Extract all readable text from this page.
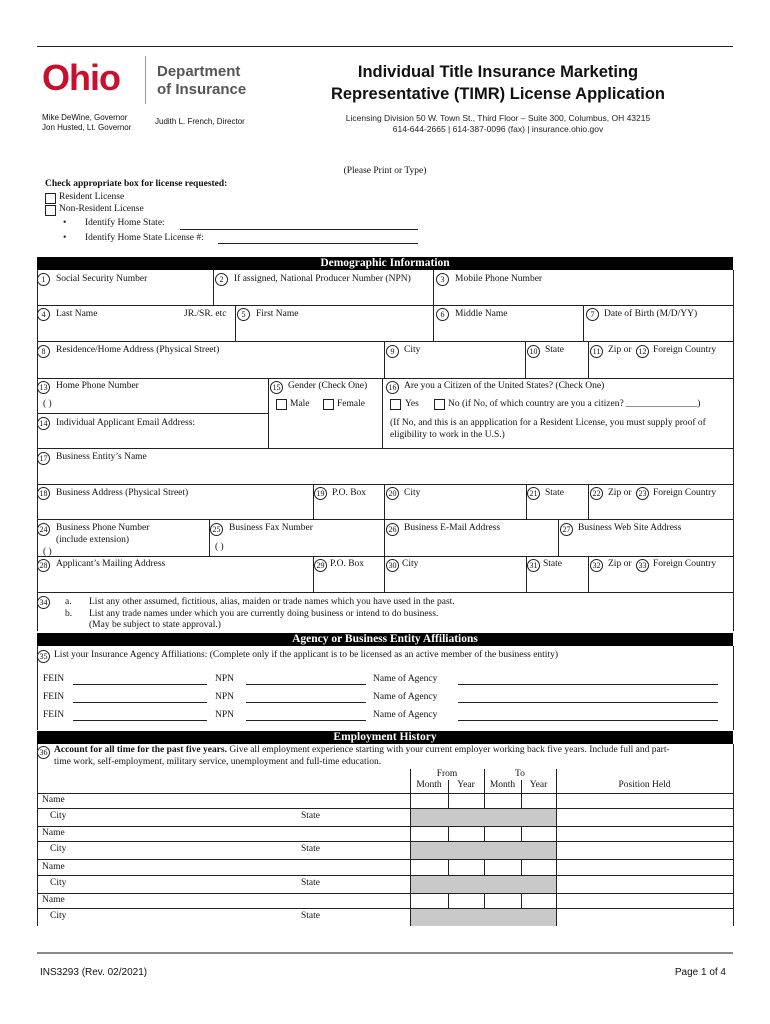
Ohio Department
of Insurance
Mike DeWine, Governor
Jon Husted, Lt. Governor
Judith L. French, Director
Individual Title Insurance Marketing
Representative (TIMR) License Application
Licensing Division 50 W. Town St., Third Floor – Suite 300, Columbus, OH 43215
614-644-2665 | 614-387-0096 (fax) | insurance.ohio.gov
(Please Print or Type)
Check appropriate box for license requested:
Resident License
Non-Resident License
• Identify Home State:
• Identify Home State License #:
Demographic Information
1	Social Security Number	2	If assigned, National Producer Number (NPN)	3	Mobile Phone Number
4	Last Name	JR./SR. etc	5	First Name	6	Middle Name	7	Date of Birth (M/D/YY)
8	Residence/Home Address (Physical Street)	9	City	10 State	11 Zip or 12 Foreign Country
13 Home Phone Number
( )
14 Individual Applicant Email Address:
15 Gender (Check One)
Male	Female
16 Are you a Citizen of the United States? (Check One)
Yes	No (if No, of which country are you a citizen? _______________)
(If No, and this is an appplication for a Resident License, you must supply proof of
eligibility to work in the U.S.)
17 Business Entity’s Name
18 Business Address (Physical Street)	19 P.O. Box	20 City	21 State	22 Zip or 23 Foreign Country
24 Business Phone Number
(include extension)
( )
25 Business Fax Number
( )
26 Business E-Mail Address	27 Business Web Site Address
28 Applicant’s Mailing Address	29 P.O. Box	30 City	31 State	32 Zip or 33 Foreign Country
34 a. List any other assumed, fictitious, alias, maiden or trade names which you have used in the past.
b. List any trade names under which you are currently doing business or intend to do business.
(May be subject to state approval.)
Agency or Business Entity Affiliations
35 List your Insurance Agency Affiliations: (Complete only if the applicant is to be licensed as an active member of the business entity)
FEIN	NPN	Name of Agency
FEIN	NPN	Name of Agency
FEIN	NPN	Name of Agency
Employment History
36 Account for all time for the past five years. Give all employment experience starting with your current employer working back five years. Include full and part-
time work, self-employment, military service, unemployment and full-time education.
From	To
Month	Year	Month	Year	Position Held
Name
City	State
Name
City	State
Name
City	State
Name
City	State
INS3293 (Rev. 02/2021)	Page 1 of 4
